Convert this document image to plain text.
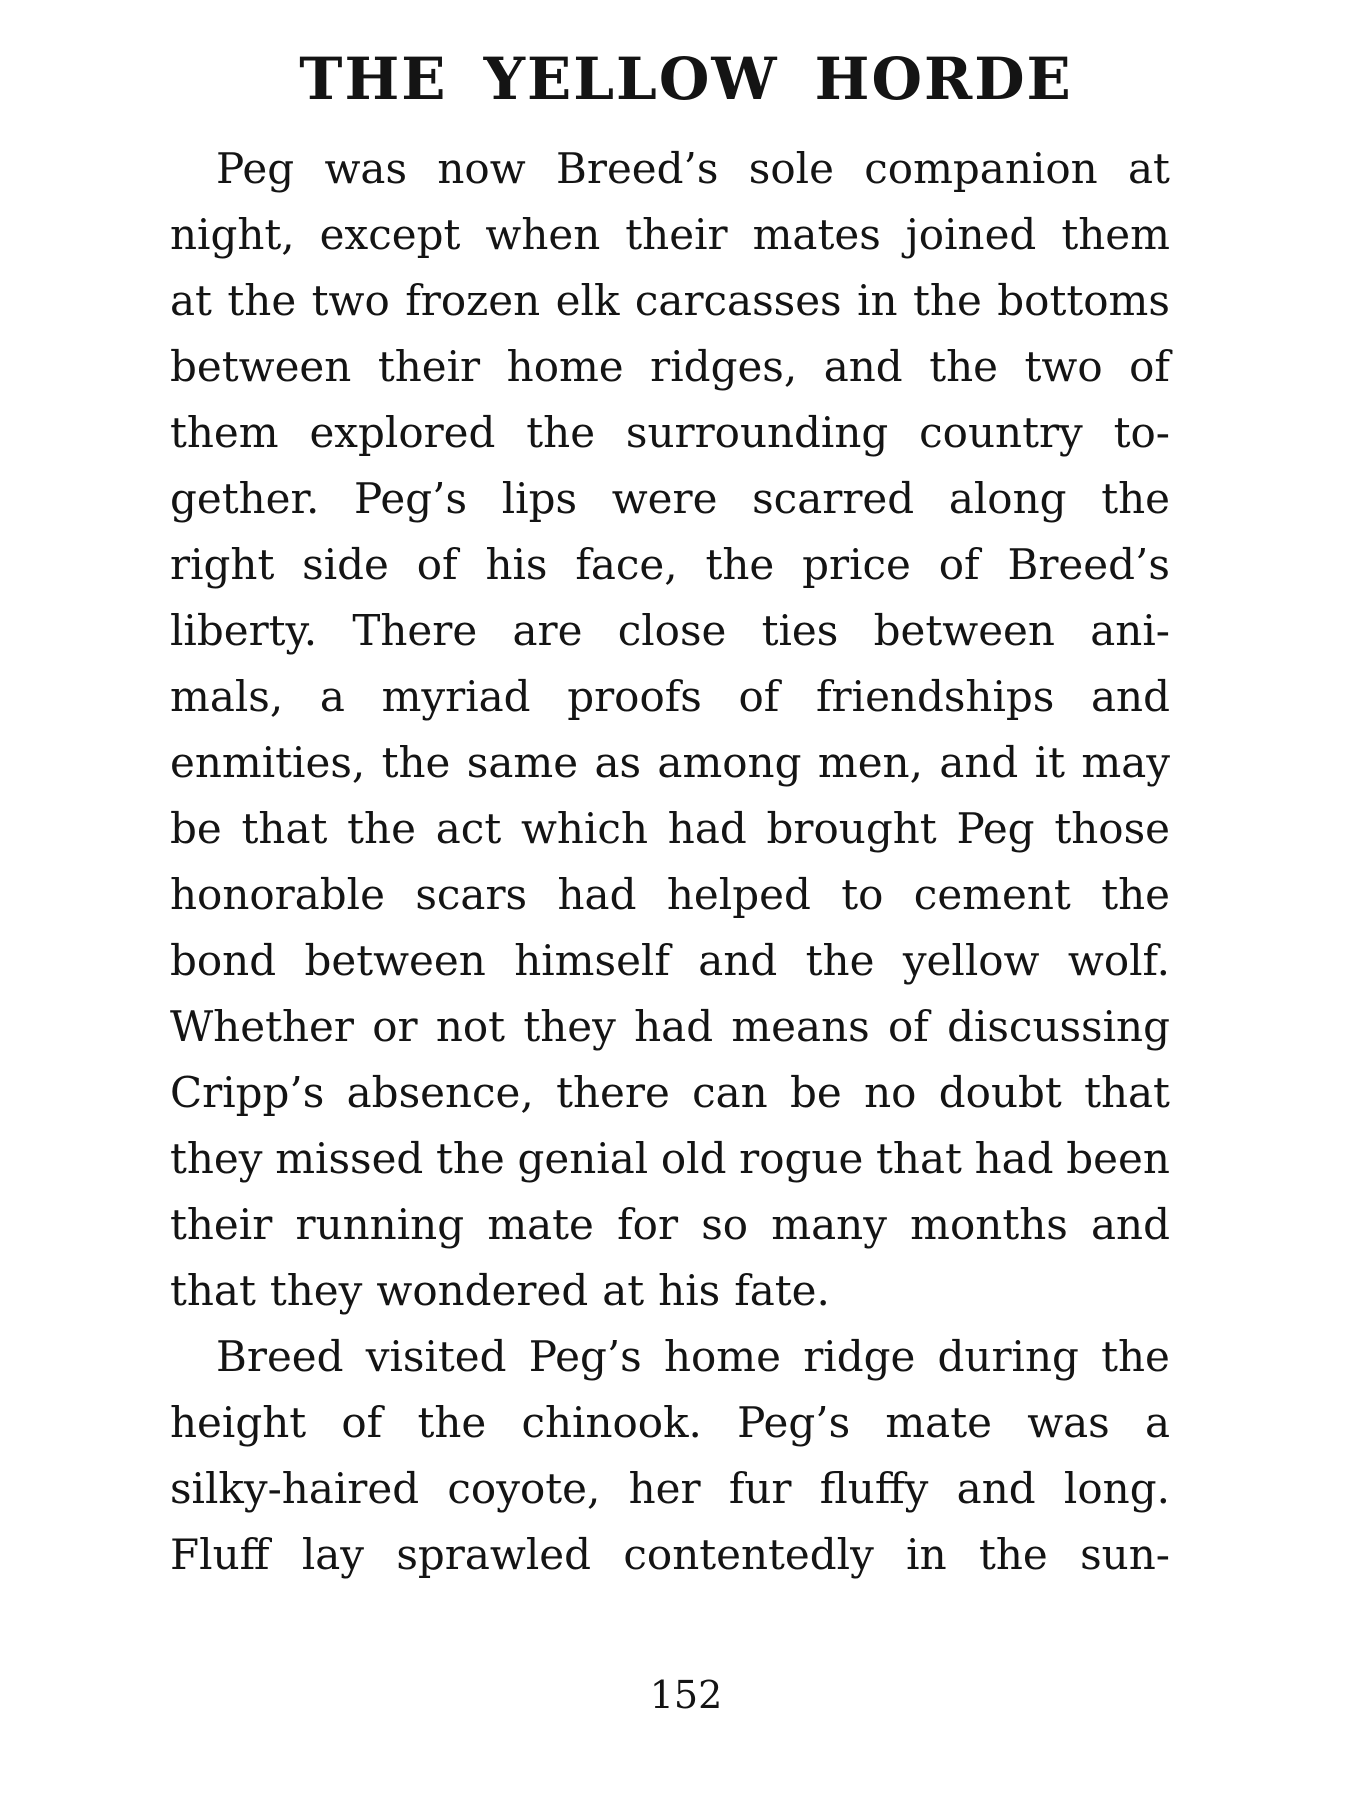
THE YELLOW HORDE
Peg was now Breed’s sole companion at
night, except when their mates joined them
at the two frozen elk carcasses in the bottoms
between their home ridges, and the two of
them explored the surrounding country to-
gether. Peg’s lips were scarred along the
right side of his face, the price of Breed’s
liberty. There are close ties between ani-
mals, a myriad proofs of friendships and
enmities, the same as among men, and it may
be that the act which had brought Peg those
honorable scars had helped to cement the
bond between himself and the yellow wolf.
Whether or not they had means of discussing
Cripp’s absence, there can be no doubt that
they missed the genial old rogue that had been
their running mate for so many months and
that they wondered at his fate.
Breed visited Peg’s home ridge during the
height of the chinook. Peg’s mate was a
silky-haired coyote, her fur fluffy and long.
Fluff lay sprawled contentedly in the sun-
152
